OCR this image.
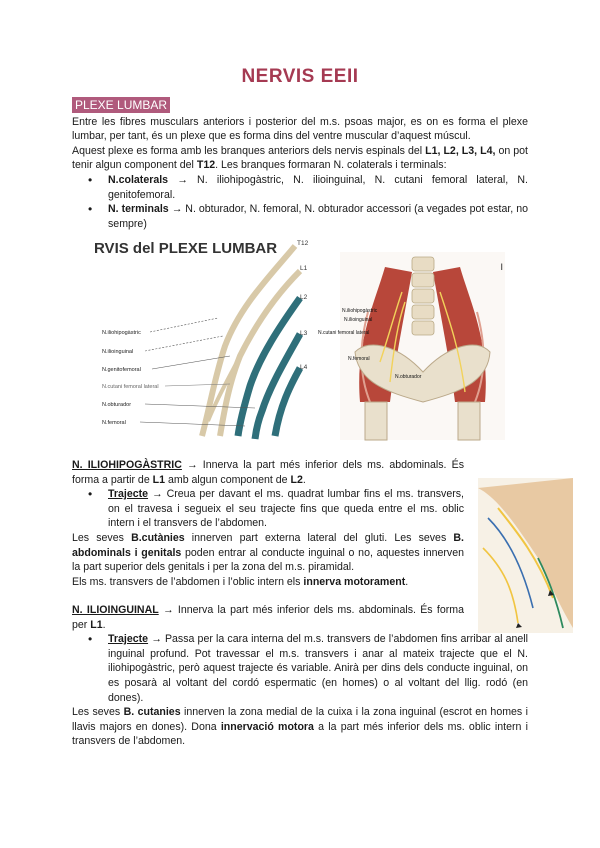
NERVIS EEII
PLEXE LUMBAR

Entre les fibres musculars anteriors i posterior del m.s. psoas major, es on es forma el plexe lumbar, per tant, és un plexe que es forma dins del ventre muscular d’aquest múscul.

Aquest plexe es forma amb les branques anteriors dels nervis espinals del L1, L2, L3, L4, on pot tenir algun component del T12. Les branques formaran N. colaterals i terminals:

• N.colaterals → N. iliohipogàstric, N. ilioinguinal, N. cutani femoral lateral, N. genitofemoral.
• N. terminals → N. obturador, N. femoral, N. obturador accessori (a vegades pot estar, no sempre)
RVIS del PLEXE LUMBAR	T12
L1
L2
L3
L4
N.iliohipogàstric
N.ilioinguinal
N.genitofemoral
N.cutani femoral lateral
N.obturador
N.femoral
N.iliohipogàstric
N.ilioinguinal
N.cutani femoral lateral
N.femoral
N.obturador
I

N. ILIOHIPOGÀSTRIC → Innerva la part més inferior dels ms. abdominals. És forma a partir de L1 amb algun component de L2.

• Trajecte → Creua per davant el ms. quadrat lumbar fins el ms. transvers, on el travesa i segueix el seu trajecte fins que queda entre el ms. oblic intern i el transvers de l’abdomen.

Les seves B.cutànies innerven part externa lateral del gluti. Les seves B. abdominals i genitals poden entrar al conducte inguinal o no, aquestes innerven la part superior dels genitals i per la zona del m.s. piramidal.

Els ms. transvers de l’abdomen i l’oblic intern els innerva motorament.

N. ILIOINGUINAL → Innerva la part més inferior dels ms. abdominals. És forma per L1.

• Trajecte → Passa per la cara interna del m.s. transvers de l’abdomen fins arribar al anell inguinal profund. Pot travessar el m.s. transvers i anar al mateix trajecte que el N. iliohipogàstric, però aquest trajecte és variable. Anirà per dins dels conducte inguinal, on es posarà al voltant del cordó espermatic (en homes) o al voltant del llig. rodó (en dones).

Les seves B. cutanies innerven la zona medial de la cuixa i la zona inguinal (escrot en homes i llavis majors en dones). Dona innervació motora a la part més inferior dels ms. oblic intern i transvers de l’abdomen.
